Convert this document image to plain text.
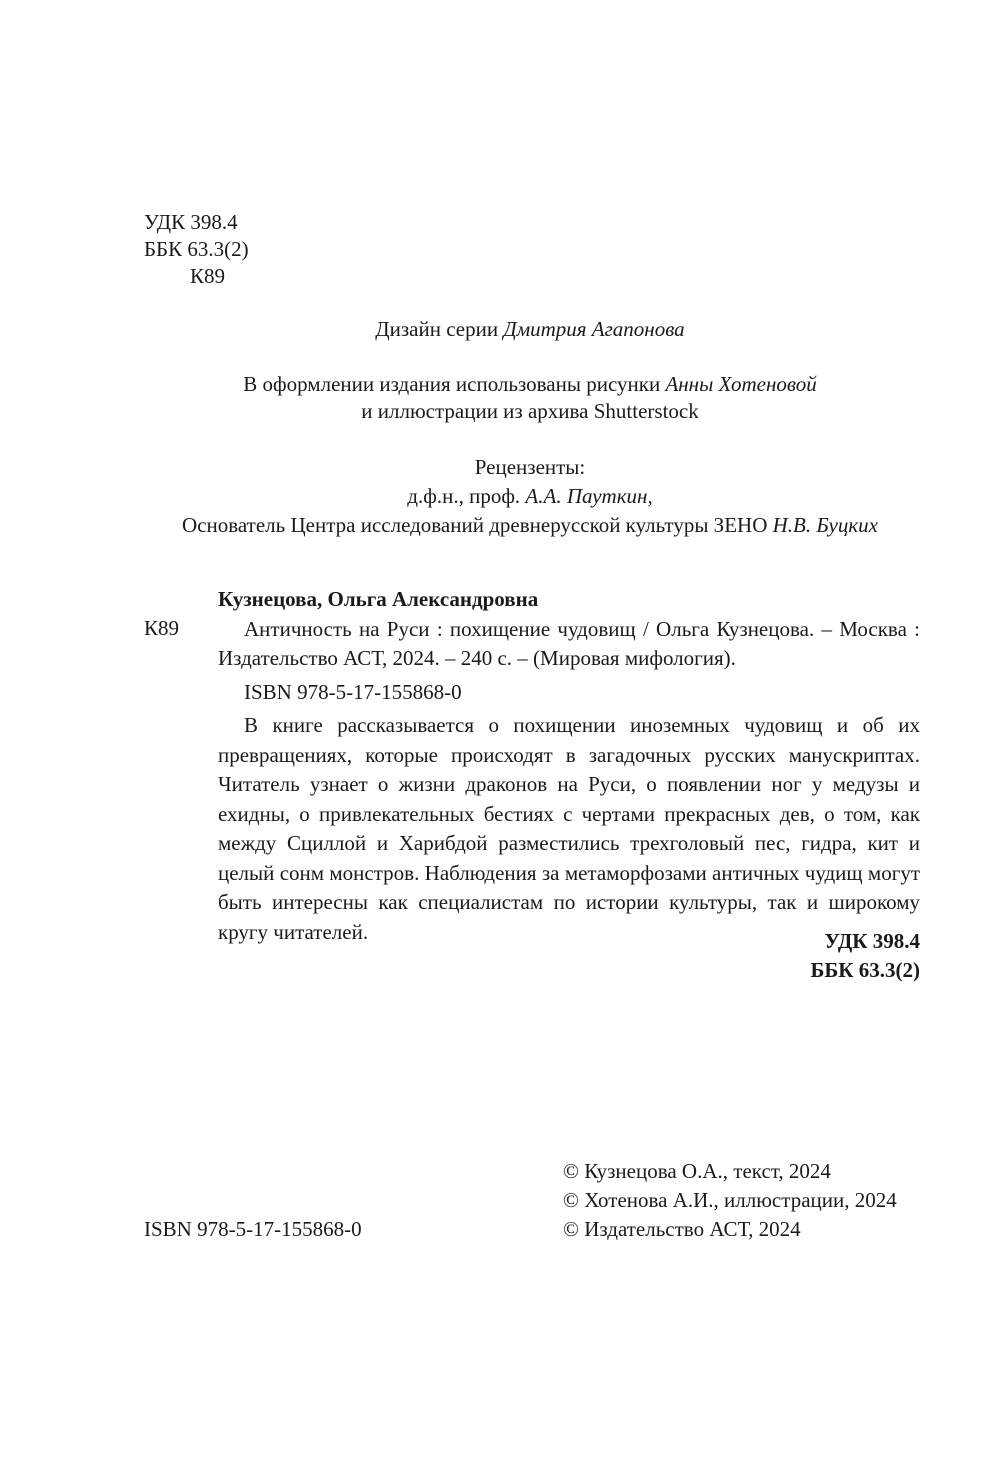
УДК 398.4
ББК 63.3(2)
К89
Дизайн серии Дмитрия Агапонова
В оформлении издания использованы рисунки Анны Хотеновой
и иллюстрации из архива Shutterstock
Рецензенты:
д.ф.н., проф. А.А. Пауткин,
Основатель Центра исследований древнерусской культуры ЗЕНО Н.В. Буцких
Кузнецова, Ольга Александровна
К89	Античность на Руси : похищение чудовищ / Ольга Кузнецова. – Москва : Издательство АСТ, 2024. – 240 с. – (Мировая мифология).
ISBN 978-5-17-155868-0
В книге рассказывается о похищении иноземных чудовищ и об их превращениях, которые происходят в загадочных русских манускриптах. Читатель узнает о жизни драконов на Руси, о появлении ног у медузы и ехидны, о привлекательных бестиях с чертами прекрасных дев, о том, как между Сциллой и Харибдой разместились трехголовый пес, гидра, кит и целый сонм монстров. Наблюдения за метаморфозами античных чудищ могут быть интересны как специалистам по истории культуры, так и широкому кругу читателей.	УДК 398.4
ББК 63.3(2)
ISBN 978-5-17-155868-0
© Кузнецова О.А., текст, 2024
© Хотенова А.И., иллюстрации, 2024
© Издательство АСТ, 2024
